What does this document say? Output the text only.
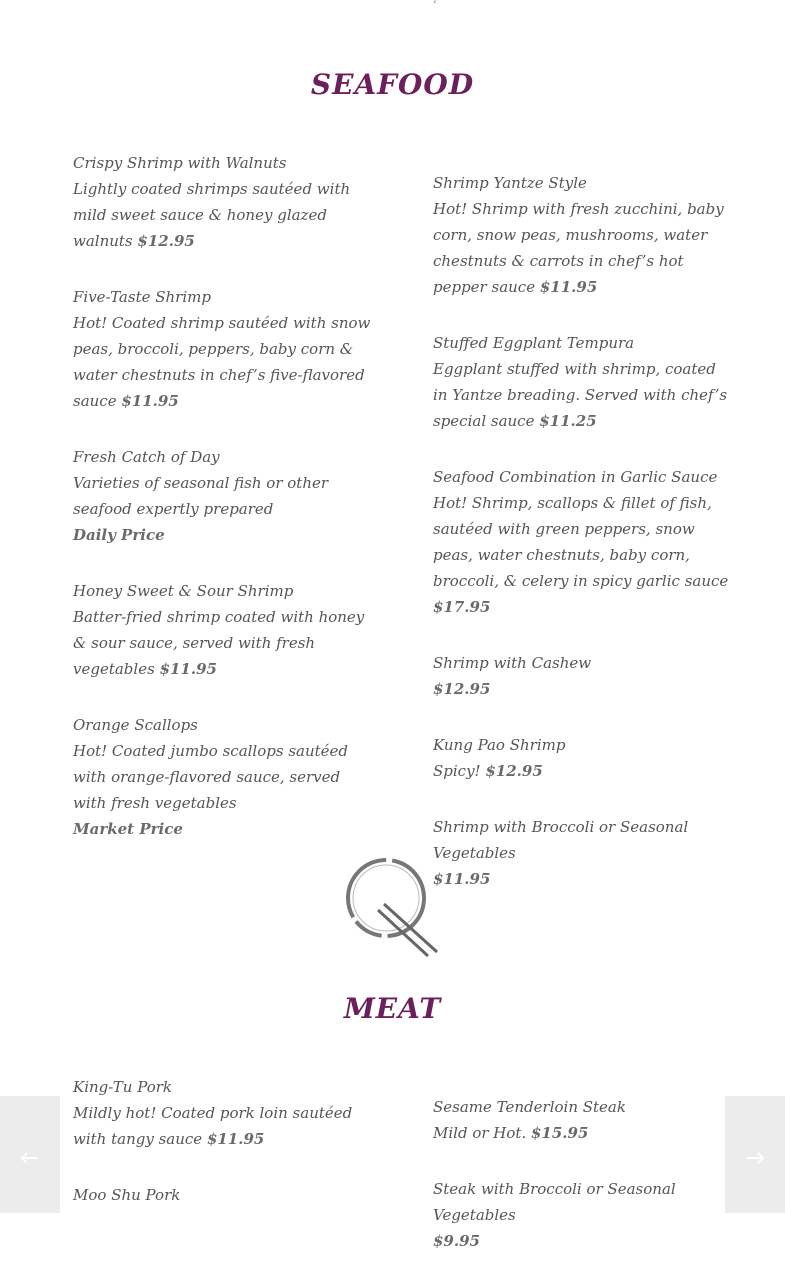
SEAFOOD
Crispy Shrimp with Walnuts
Lightly coated shrimps sautéed with mild sweet sauce & honey glazed walnuts $12.95
Five-Taste Shrimp
Hot! Coated shrimp sautéed with snow peas, broccoli, peppers, baby corn & water chestnuts in chef’s five-flavored sauce $11.95
Fresh Catch of Day
Varieties of seasonal fish or other seafood expertly prepared
Daily Price
Honey Sweet & Sour Shrimp
Batter-fried shrimp coated with honey & sour sauce, served with fresh vegetables $11.95
Orange Scallops
Hot! Coated jumbo scallops sautéed with orange-flavored sauce, served with fresh vegetables
Market Price
Shrimp Yantze Style
Hot! Shrimp with fresh zucchini, baby corn, snow peas, mushrooms, water chestnuts & carrots in chef’s hot pepper sauce $11.95
Stuffed Eggplant Tempura
Eggplant stuffed with shrimp, coated in Yantze breading. Served with chef’s special sauce $11.25
Seafood Combination in Garlic Sauce
Hot! Shrimp, scallops & fillet of fish, sautéed with green peppers, snow peas, water chestnuts, baby corn, broccoli, & celery in spicy garlic sauce $17.95
Shrimp with Cashew
$12.95
Kung Pao Shrimp
Spicy! $12.95
Shrimp with Broccoli or Seasonal Vegetables
$11.95
MEAT
King-Tu Pork
Mildly hot! Coated pork loin sautéed with tangy sauce $11.95
Moo Shu Pork
Sesame Tenderloin Steak
Mild or Hot. $15.95
Steak with Broccoli or Seasonal Vegetables
$9.95
